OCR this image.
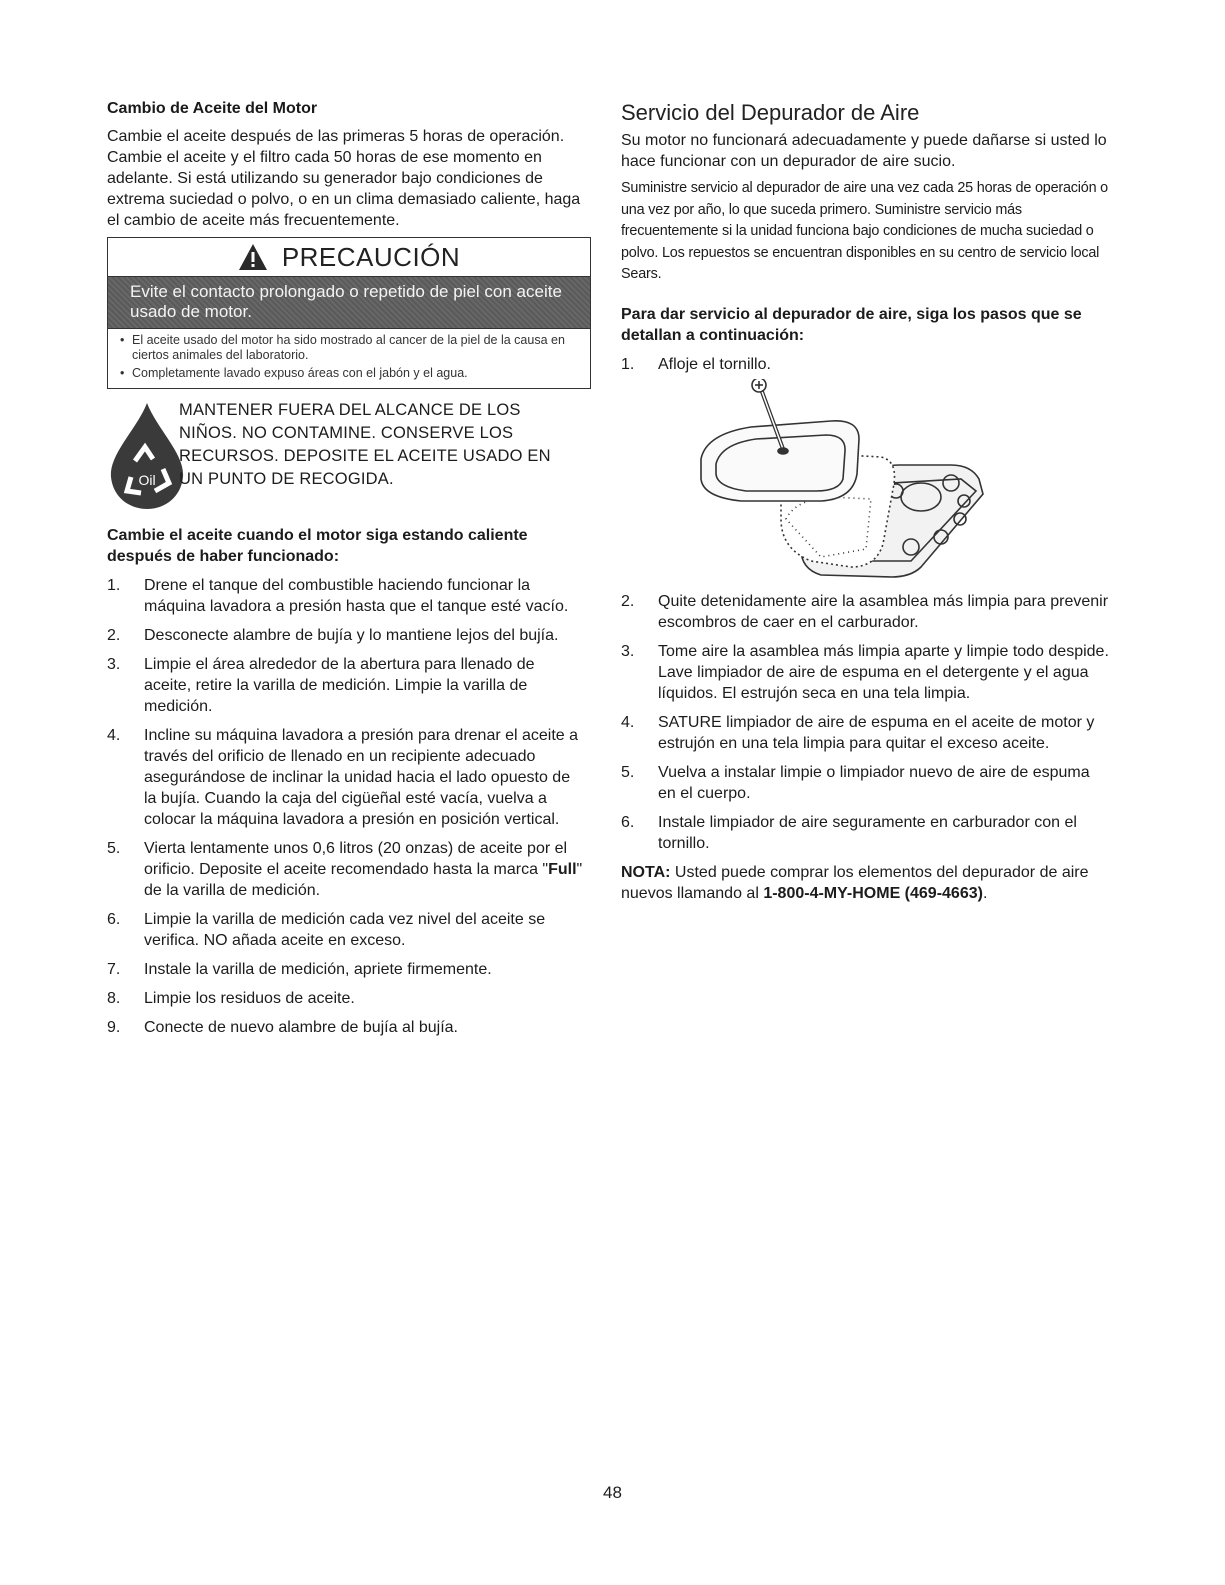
Cambio de Aceite del Motor

Cambie el aceite después de las primeras 5 horas de operación. Cambie el aceite y el filtro cada 50 horas de ese momento en adelante. Si está utilizando su generador bajo condiciones de extrema suciedad o polvo, o en un clima demasiado caliente, haga el cambio de aceite más frecuentemente.

PRECAUCIÓN
Evite el contacto prolongado o repetido de piel con aceite usado de motor.
• El aceite usado del motor ha sido mostrado al cancer de la piel de la causa en ciertos animales del laboratorio.
• Completamente lavado expuso áreas con el jabón y el agua.
Oil
MANTENER FUERA DEL ALCANCE DE LOS NIÑOS. NO CONTAMINE. CONSERVE LOS RECURSOS. DEPOSITE EL ACEITE USADO EN UN PUNTO DE RECOGIDA.
Cambie el aceite cuando el motor siga estando caliente después de haber funcionado:
1. Drene el tanque del combustible haciendo funcionar la máquina lavadora a presión hasta que el tanque esté vacío.
2. Desconecte alambre de bujía y lo mantiene lejos del bujía.
3. Limpie el área alrededor de la abertura para llenado de aceite, retire la varilla de medición. Limpie la varilla de medición.
4. Incline su máquina lavadora a presión para drenar el aceite a través del orificio de llenado en un recipiente adecuado asegurándose de inclinar la unidad hacia el lado opuesto de la bujía. Cuando la caja del cigüeñal esté vacía, vuelva a colocar la máquina lavadora a presión en posición vertical.
5. Vierta lentamente unos 0,6 litros (20 onzas) de aceite por el orificio. Deposite el aceite recomendado hasta la marca "Full" de la varilla de medición.
6. Limpie la varilla de medición cada vez nivel del aceite se verifica. NO añada aceite en exceso.
7. Instale la varilla de medición, apriete firmemente.
8. Limpie los residuos de aceite.
9. Conecte de nuevo alambre de bujía al bujía.
Servicio del Depurador de Aire

Su motor no funcionará adecuadamente y puede dañarse si usted lo hace funcionar con un depurador de aire sucio.

Suministre servicio al depurador de aire una vez cada 25 horas de operación o una vez por año, lo que suceda primero. Suministre servicio más frecuentemente si la unidad funciona bajo condiciones de mucha suciedad o polvo. Los repuestos se encuentran disponibles en su centro de servicio local Sears.

Para dar servicio al depurador de aire, siga los pasos que se detallan a continuación:
1. Afloje el tornillo.
2. Quite detenidamente aire la asamblea más limpia para prevenir escombros de caer en el carburador.
3. Tome aire la asamblea más limpia aparte y limpie todo despide. Lave limpiador de aire de espuma en el detergente y el agua líquidos. El estrujón seca en una tela limpia.
4. SATURE limpiador de aire de espuma en el aceite de motor y estrujón en una tela limpia para quitar el exceso aceite.
5. Vuelva a instalar limpie o limpiador nuevo de aire de espuma en el cuerpo.
6. Instale limpiador de aire seguramente en carburador con el tornillo.

NOTA: Usted puede comprar los elementos del depurador de aire nuevos llamando al 1-800-4-MY-HOME (469-4663).

48
